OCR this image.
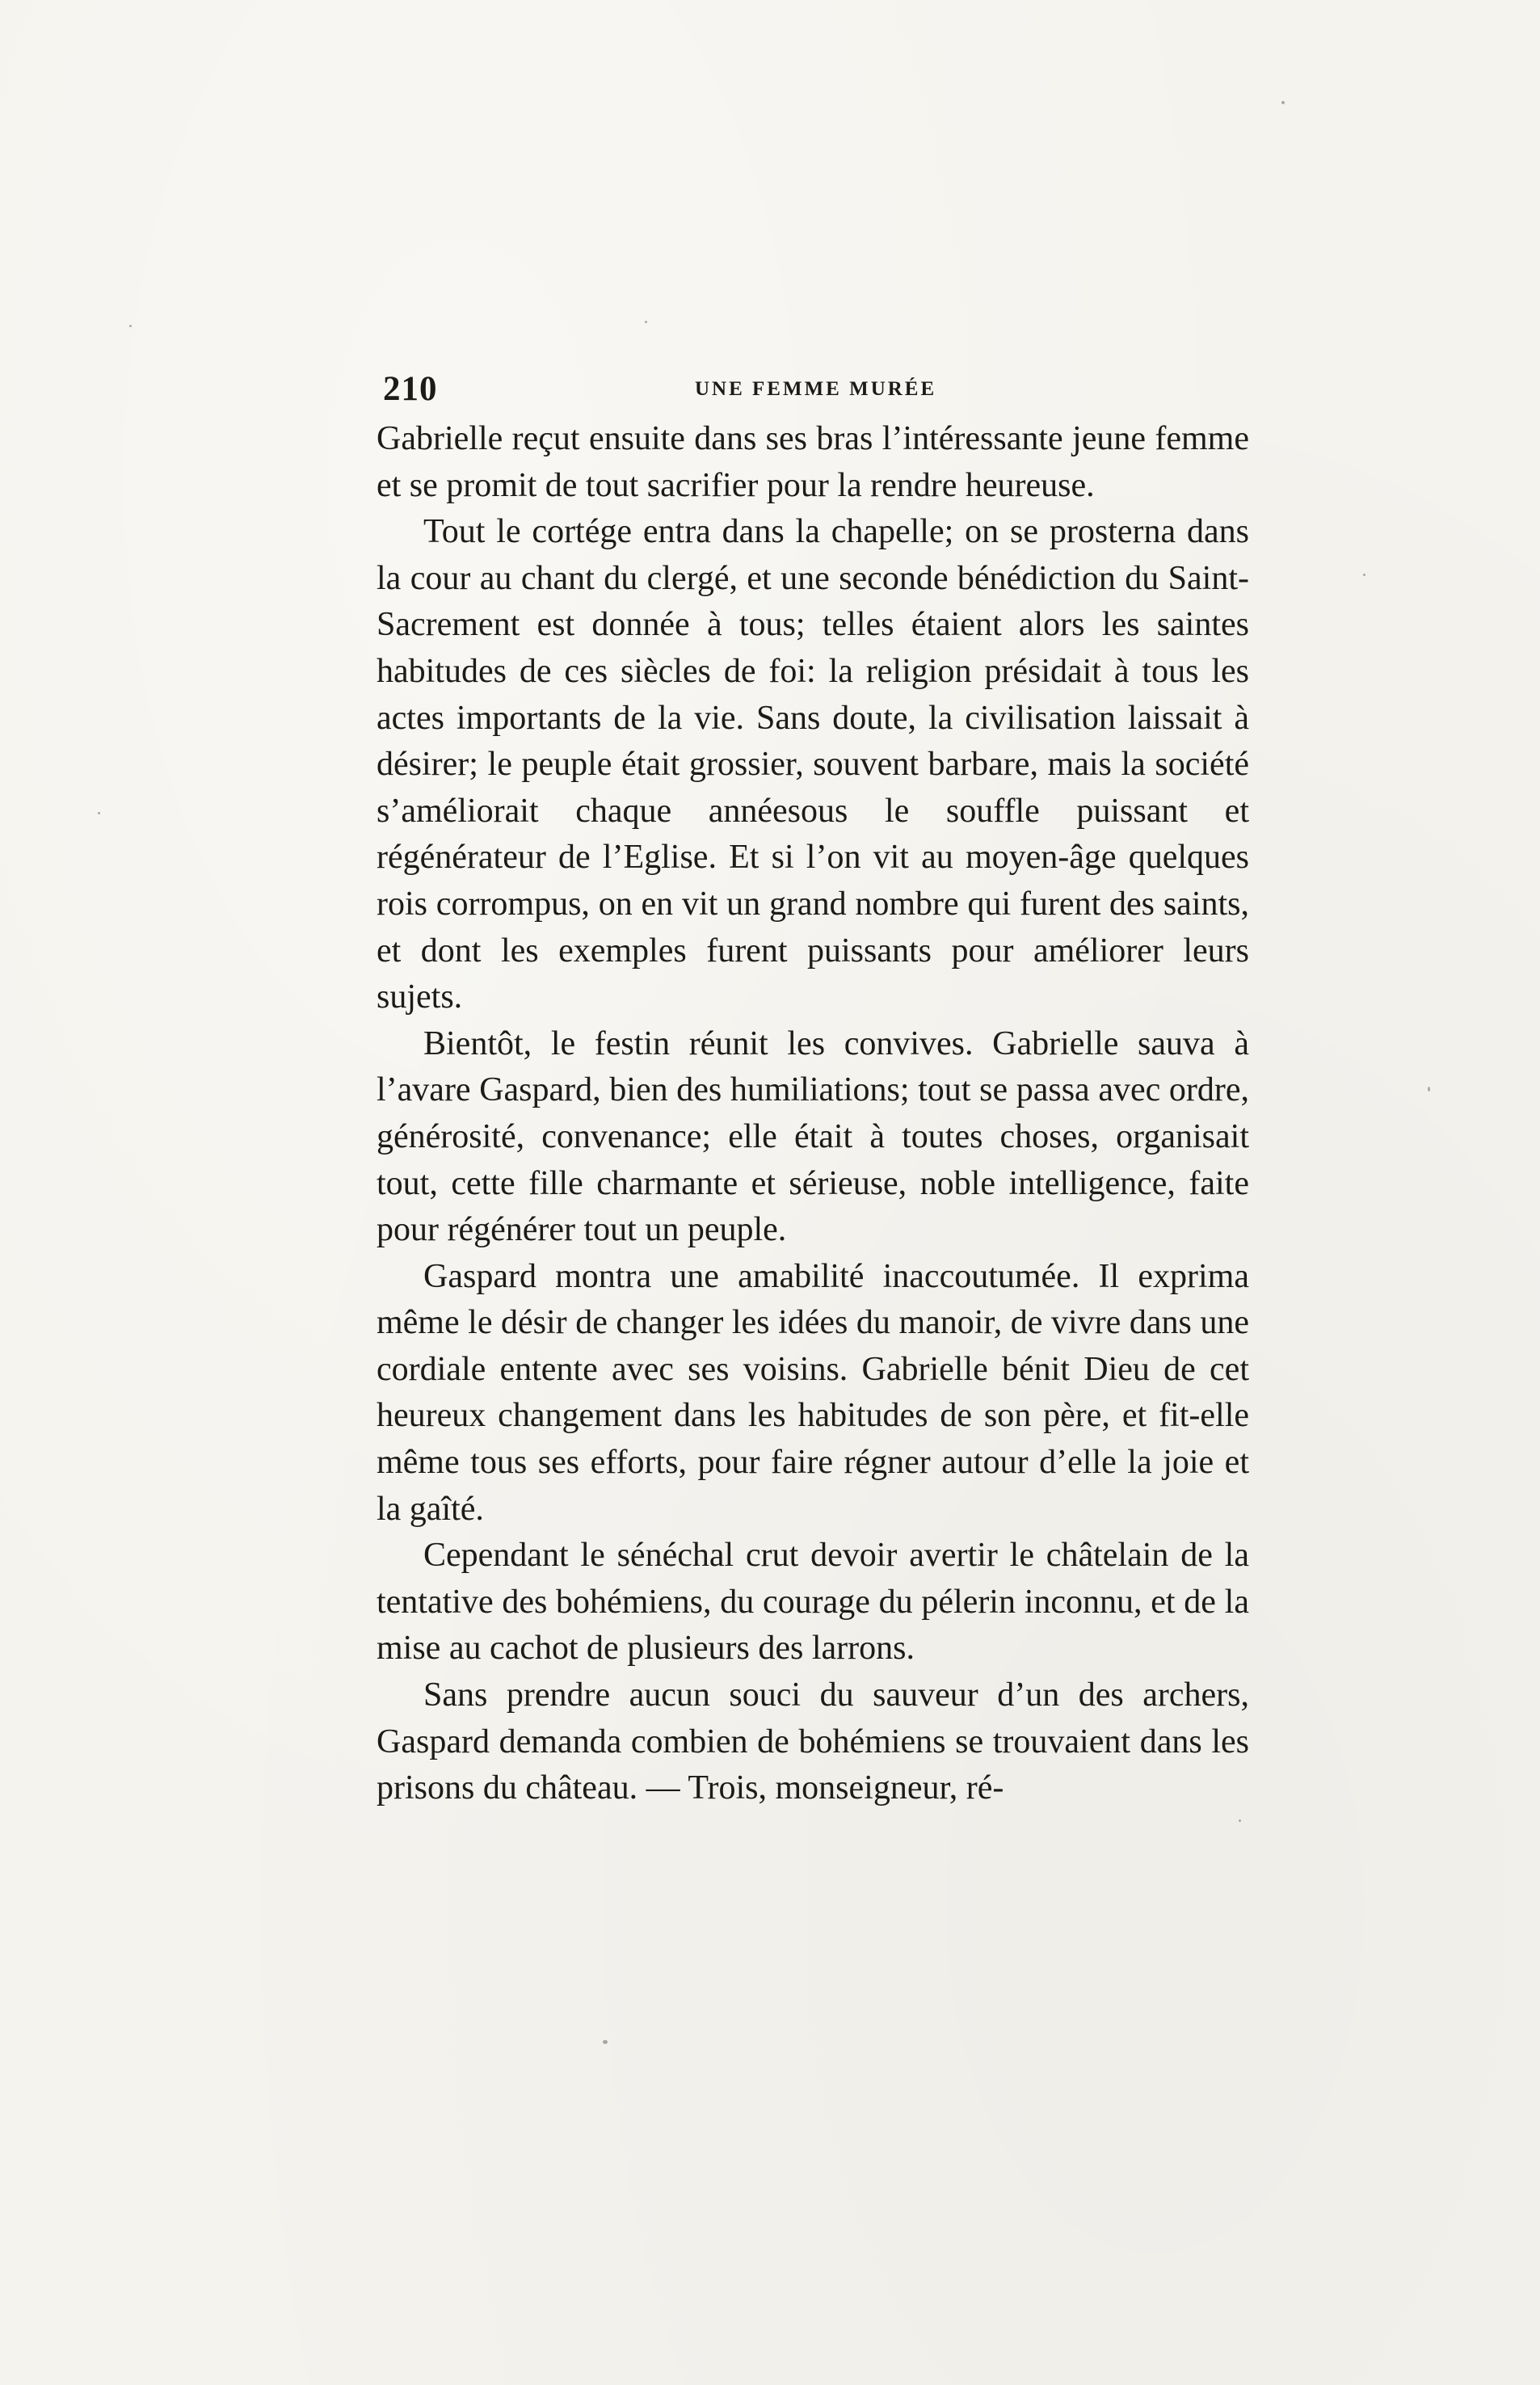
210	UNE FEMME MURÉE

Gabrielle reçut ensuite dans ses bras l’intéressante jeune femme et se promit de tout sacrifier pour la rendre heureuse.

Tout le cortége entra dans la chapelle; on se prosterna dans la cour au chant du clergé, et une seconde bénédiction du Saint-Sacrement est donnée à tous; telles étaient alors les saintes habitudes de ces siècles de foi: la religion présidait à tous les actes importants de la vie. Sans doute, la civilisation laissait à désirer; le peuple était grossier, souvent barbare, mais la société s’améliorait chaque annéesous le souffle puissant et régénérateur de l’Eglise. Et si l’on vit au moyen-âge quelques rois corrompus, on en vit un grand nombre qui furent des saints, et dont les exemples furent puissants pour améliorer leurs sujets.

Bientôt, le festin réunit les convives. Gabrielle sauva à l’avare Gaspard, bien des humiliations; tout se passa avec ordre, générosité, convenance; elle était à toutes choses, organisait tout, cette fille charmante et sérieuse, noble intelligence, faite pour régénérer tout un peuple.

Gaspard montra une amabilité inaccoutumée. Il exprima même le désir de changer les idées du manoir, de vivre dans une cordiale entente avec ses voisins. Gabrielle bénit Dieu de cet heureux changement dans les habitudes de son père, et fit-elle même tous ses efforts, pour faire régner autour d’elle la joie et la gaîté.

Cependant le sénéchal crut devoir avertir le châtelain de la tentative des bohémiens, du courage du pélerin inconnu, et de la mise au cachot de plusieurs des larrons.

Sans prendre aucun souci du sauveur d’un des archers, Gaspard demanda combien de bohémiens se trouvaient dans les prisons du château. — Trois, monseigneur, ré-
